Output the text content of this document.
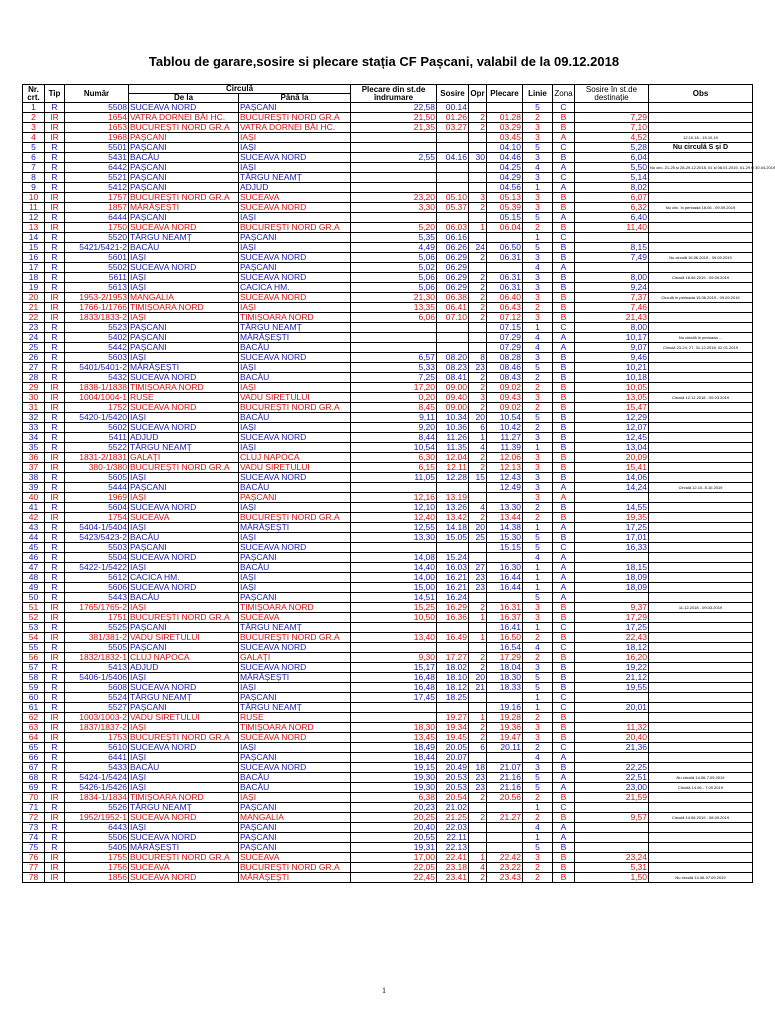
Tablou de garare,sosire si plecare stația CF Pașcani, valabil de la 09.12.2018
Nr. crt.	Tip	Număr	Circulă		Plecare din st.de îndrumare	Sosire	Opr	Plecare	Linie	Zona	Sosire în st.de destinație	Obs
			De la	Până la								
1	R	5508	SUCEAVA NORD	PAȘCANI	22,58	00.14			5	C		
2	IR	1654	VATRA DORNEI BĂI HC.	BUCUREȘTI NORD GR.A	21,50	01.26	2	01.28	2	B	7,29	
3	IR	1653	BUCUREȘTI NORD GR.A	VATRA DORNEI BĂI HC.	21,35	03.27	2	03.29	3	B	7,10	
4	IR	1968	PAȘCANI	IAȘI				03.45	3	A	4,52	12.10.18 - 15.10.19
5	R	5501	PAȘCANI	IAȘI				04.10	5	C	5,28	Nu circulă S și D
6	R	5431	BACĂU	SUCEAVA NORD	2,55	04.16	30	04.46	3	B	6,04	
7	R	6442	PAȘCANI	IAȘI				04.25	4	A	5,50	Nu circ. 21-25 și 28-29.12.2018, 01 și 08.01.2019, 01-29 și 30.04.2019
8	R	5521	PAȘCANI	TÂRGU NEAMȚ				04.29	3	C	5,14	
9	R	5412	PAȘCANI	ADJUD				04.56	1	A	8,02	
10	IR	1757	BUCUREȘTI NORD GR.A	SUCEAVA	23,20	05.10	3	05.13	3	B	6,07	
11	IR	1857	MĂRĂȘEȘTI	SUCEAVA NORD	3,30	05.37	2	05.39	3	B	6,32	Nu circ. în perioada 16.06 - 09.09.2019
12	R	6444	PAȘCANI	IAȘI				05.15	5	A	6,40	
13	IR	1750	SUCEAVA NORD	BUCUREȘTI NORD GR.A	5,20	06.03	1	06.04	2	B	11,40	
14	R	5520	TÂRGU NEAMȚ	PAȘCANI	5,35	06.16			1	C		
15	R	5421/5421-2	BACĂU	IAȘI	4,49	06.26	24	06.50	5	B	8,15	
16	R	5601	IAȘI	SUCEAVA NORD	5,06	06.29	2	06.31	3	B	7,49	Nu circulă 16.06.2019 - 09.09.2019
17	R	5502	SUCEAVA NORD	PAȘCANI	5,02	06.29			4	A		
18	R	5611	IAȘI	SUCEAVA NORD	5,06	06.29	2	06.31	3	B	8,00	Circulă 16.06.2019 - 09.09.2019
19	R	5613	IAȘI	CACICA HM.	5,06	06.29	2	06.31	3	B	9,24	
20	IR	1953-2/1953	MANGALIA	SUCEAVA NORD	21,30	06.38	2	06.40	3	B	7,37	Circulă în perioada 15.06.2019 - 09.09.2019
21	IR	1766-1/1766	TIMIȘOARA NORD	IAȘI	13,35	06.41	2	06.43	2	B	7,46	
22	IR	1833/1833-2	IAȘI	TIMIȘOARA NORD	6,06	07.10	2	07.12	3	B	21,43	
23	R	5523	PAȘCANI	TÂRGU NEAMȚ				07.15	1	C	8,00	
24	R	5402	PAȘCANI	MĂRĂȘEȘTI				07.29	4	A	10,17	Nu circulă în perioada ...
25	R	5442	PAȘCANI	BACĂU				07.29	4	A	9,07	Circulă 23-24, 27, 31.12.2018, 02.01.2019
26	R	5603	IAȘI	SUCEAVA NORD	6,57	08.20	8	08.28	3	B	9,46	
27	R	5401/5401-2	MĂRĂȘEȘTI	IAȘI	5,33	08.23	23	08.46	5	B	10,21	
28	R	5432	SUCEAVA NORD	BACĂU	7,25	08.41	2	08.43	2	B	10,18	
29	IR	1838-1/1838	TIMIȘOARA NORD	IAȘI	17,20	09.00	2	09.02	2	B	10,05	
30	IR	1004/1004-1	RUSE	VADU SIRETULUI	0,20	09.40	3	09.43	3	B	13,05	Circulă 12.12.2018 - 09.03.2019
31	IR	1752	SUCEAVA NORD	BUCUREȘTI NORD GR.A	8,45	09.00	2	09.02	2	B	15,47	
32	R	5420-1/5420	IAȘI	BACĂU	9,11	10.34	20	10.54	5	B	12,29	
33	R	5602	SUCEAVA NORD	IAȘI	9,20	10.36	6	10.42	2	B	12,07	
34	R	5411	ADJUD	SUCEAVA NORD	8,44	11.26	1	11.27	3	B	12,45	
35	R	5522	TÂRGU NEAMȚ	IAȘI	10,54	11.35	4	11.39	1	B	13,04	
36	IR	1831-2/1831	GALAȚI	CLUJ NAPOCA	6,30	12.04	2	12.06	3	B	20,09	
37	IR	380-1/380	BUCUREȘTI NORD GR.A	VADU SIRETULUI	6,15	12.11	2	12.13	3	B	15,41	
38	R	5605	IAȘI	SUCEAVA NORD	11,05	12.28	15	12.43	3	B	14,06	
39	R	5444	PAȘCANI	BACĂU				12.49	3	A	14,24	Circulă 12.10.-5.10.2019
40	IR	1969	IAȘI	PAȘCANI	12,16	13.19			3	A		
41	R	5604	SUCEAVA NORD	IAȘI	12,10	13.26	4	13.30	2	B	14,55	
42	IR	1754	SUCEAVA	BUCUREȘTI NORD GR.A	12,40	13.42	2	13.44	2	B	19,35	
43	R	5404-1/5404	IAȘI	MĂRĂȘEȘTI	12,55	14.18	20	14.38	1	A	17,25	
44	R	5423/5423-2	BACĂU	IAȘI	13,30	15.05	25	15.30	5	B	17,01	
45	R	5503	PAȘCANI	SUCEAVA NORD				15.15	5	C	16,33	
46	R	5504	SUCEAVA NORD	PAȘCANI	14,08	15.24			4	A		
47	R	5422-1/5422	IAȘI	BACĂU	14,40	16.03	27	16.30	1	A	18,15	
48	R	5612	CACICA HM.	IAȘI	14,00	16.21	23	16.44	1	A	18,09	
49	R	5606	SUCEAVA NORD	IAȘI	15,00	16.21	23	16.44	1	A	18,09	
50	R	5443	BACĂU	PAȘCANI	14,51	16.24			5	A		
51	IR	1765/1765-2	IAȘI	TIMIȘOARA NORD	15,25	16.29	2	16.31	3	B	9,37	11.12.2018 - 09.03.2019
52	IR	1751	BUCUREȘTI NORD GR.A	SUCEAVA	10,50	16.36	1	16.37	3	B	17,29	
53	R	5525	PAȘCANI	TÂRGU NEAMȚ				16.41	1	C	17,25	
54	IR	381/381-2	VADU SIRETULUI	BUCUREȘTI NORD GR.A	13,40	16.49	1	16.50	2	B	22,43	
55	R	5505	PAȘCANI	SUCEAVA NORD				16.54	4	C	18,12	
56	IR	1832/1832-1	CLUJ NAPOCA	GALAȚI	9,30	17.27	2	17.29	2	B	16,20	
57	R	5413	ADJUD	SUCEAVA NORD	15,17	18.02	2	18.04	3	B	19,22	
58	R	5406-1/5406	IAȘI	MĂRĂȘEȘTI	16,48	18.10	20	18.30	5	B	21,12	
59	R	5608	SUCEAVA NORD	IAȘI	16,48	18.12	21	18.33	5	B	19,55	
60	R	5524	TÂRGU NEAMȚ	PAȘCANI	17,45	18.25			1	C		
61	R	5527	PAȘCANI	TÂRGU NEAMȚ				19.16	1	C	20,01	
62	IR	1003/1003-2	VADU SIRETULUI	RUSE		19.27	1	19.28	2	B		
63	IR	1837/1837-2	IAȘI	TIMIȘOARA NORD	18,30	19.34	2	19.36	3	B	11,32	
64	IR	1753	BUCUREȘTI NORD GR.A	SUCEAVA NORD	13,45	19.45	2	19.47	3	B	20,40	
65	R	5610	SUCEAVA NORD	IAȘI	18,49	20.05	6	20.11	2	C	21,36	
66	R	6441	IAȘI	PAȘCANI	18,44	20.07			4	A		
67	R	5433	BACĂU	SUCEAVA NORD	19,15	20.49	18	21.07	3	B	22,25	
68	R	5424-1/5424	IAȘI	BACĂU	19,30	20.53	23	21.16	5	A	22,51	Nu circulă 14.06-7.09.2019
69	R	5426-1/5426	IAȘI	BACĂU	19,30	20.53	23	21.16	5	A	23,00	Circulă 14.06 - 7.09.2019
70	IR	1834-1/1834	TIMIȘOARA NORD	IAȘI	6,38	20.54	2	20.56	2	B	21,59	
71	R	5526	TÂRGU NEAMȚ	PAȘCANI	20,23	21.02			1	C		
72	IR	1952/1952-1	SUCEAVA NORD	MANGALIA	20,25	21.25	2	21.27	2	B	9,57	Circulă 14.06.2019 - 08.09.2019
73	R	6443	IAȘI	PAȘCANI	20,40	22.03			4	A		
74	R	5506	SUCEAVA NORD	PAȘCANI	20,55	22.11			1	A		
75	R	5405	MĂRĂȘEȘTI	PAȘCANI	19,31	22.13			5	B		
76	IR	1755	BUCUREȘTI NORD GR.A	SUCEAVA	17,00	22.41	1	22.42	3	B	23,24	
77	IR	1756	SUCEAVA	BUCUREȘTI NORD GR.A	22,05	23.18	4	23.22	2	B	5,31	
78	IR	1856	SUCEAVA NORD	MĂRĂȘEȘTI	22,45	23.41	2	23.43	2	B	1,50	Nu circulă 14.06-07.09.2019
1
